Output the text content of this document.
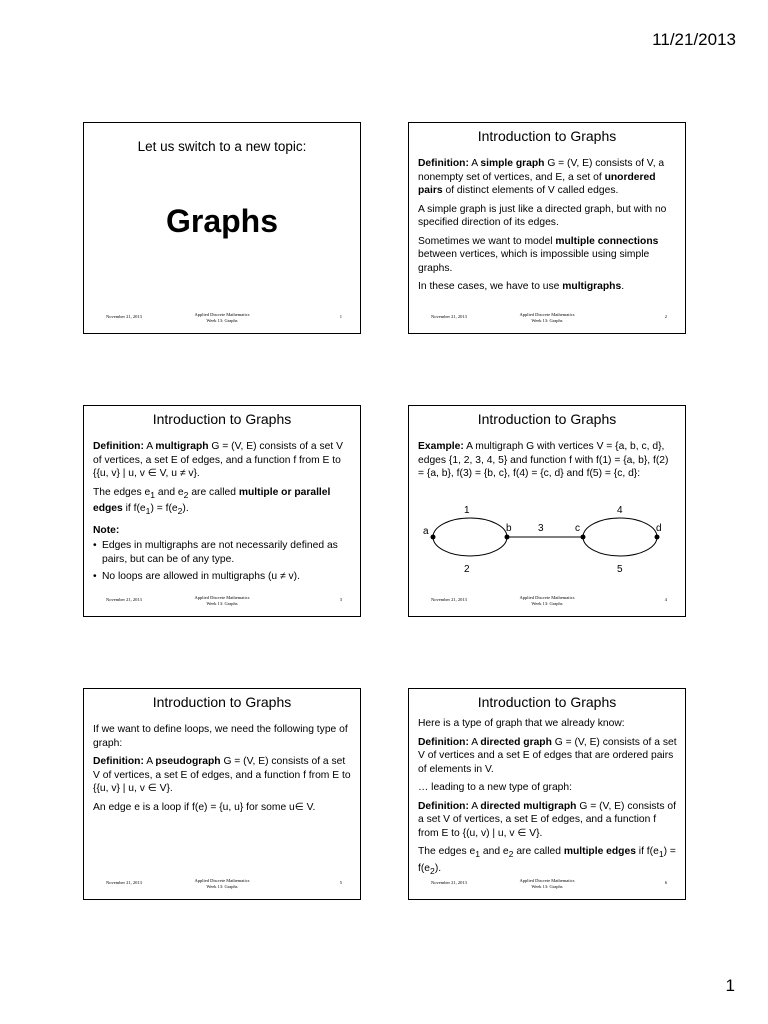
11/21/2013
Let us switch to a new topic:
Graphs
November 21, 2013	Applied Discrete Mathematics
Week 13: Graphs
1
Introduction to Graphs

Definition: A simple graph G = (V, E) consists of V, a nonempty set of vertices, and E, a set of unordered pairs of distinct elements of V called edges.

A simple graph is just like a directed graph, but with no specified direction of its edges.

Sometimes we want to model multiple connections between vertices, which is impossible using simple graphs.

In these cases, we have to use multigraphs.

November 21, 2013	Applied Discrete Mathematics
Week 13: Graphs
2
Introduction to Graphs

Definition: A multigraph G = (V, E) consists of a set V of vertices, a set E of edges, and a function f from E to {{u, v} | u, v ∈ V, u ≠ v}.

The edges $e_1$ and $e_2$ are called multiple or parallel edges if $f(e_1) = f(e_2)$.

Note:

• Edges in multigraphs are not necessarily defined as pairs, but can be of any type.
• No loops are allowed in multigraphs (u ≠ v).
November 21, 2013	Applied Discrete Mathematics
Week 13: Graphs
3
Introduction to Graphs

Example: A multigraph G with vertices V = {a, b, c, d}, edges {1, 2, 3, 4, 5} and function f with f(1) = {a, b}, f(2) = {a, b}, f(3) = {b, c}, f(4) = {c, d} and f(5) = {c, d}:

a	b	c	d
1
2
3
4
5
November 21, 2013	Applied Discrete Mathematics
Week 13: Graphs
4
Introduction to Graphs

If we want to define loops, we need the following type of graph:

Definition: A pseudograph G = (V, E) consists of a set V of vertices, a set E of edges, and a function f from E to {{u, v} | u, v ∈ V}.

An edge e is a loop if f(e) = {u, u} for some u∈ V.

November 21, 2013	Applied Discrete Mathematics
Week 13: Graphs
5
Introduction to Graphs

Here is a type of graph that we already know:

Definition: A directed graph G = (V, E) consists of a set V of vertices and a set E of edges that are ordered pairs of elements in V.

… leading to a new type of graph:

Definition: A directed multigraph G = (V, E) consists of a set V of vertices, a set E of edges, and a function f from E to {(u, v) | u, v ∈ V}.

The edges $e_1$ and $e_2$ are called multiple edges if $f(e_1) = f(e_2)$.

November 21, 2013	Applied Discrete Mathematics
Week 13: Graphs
6
1
